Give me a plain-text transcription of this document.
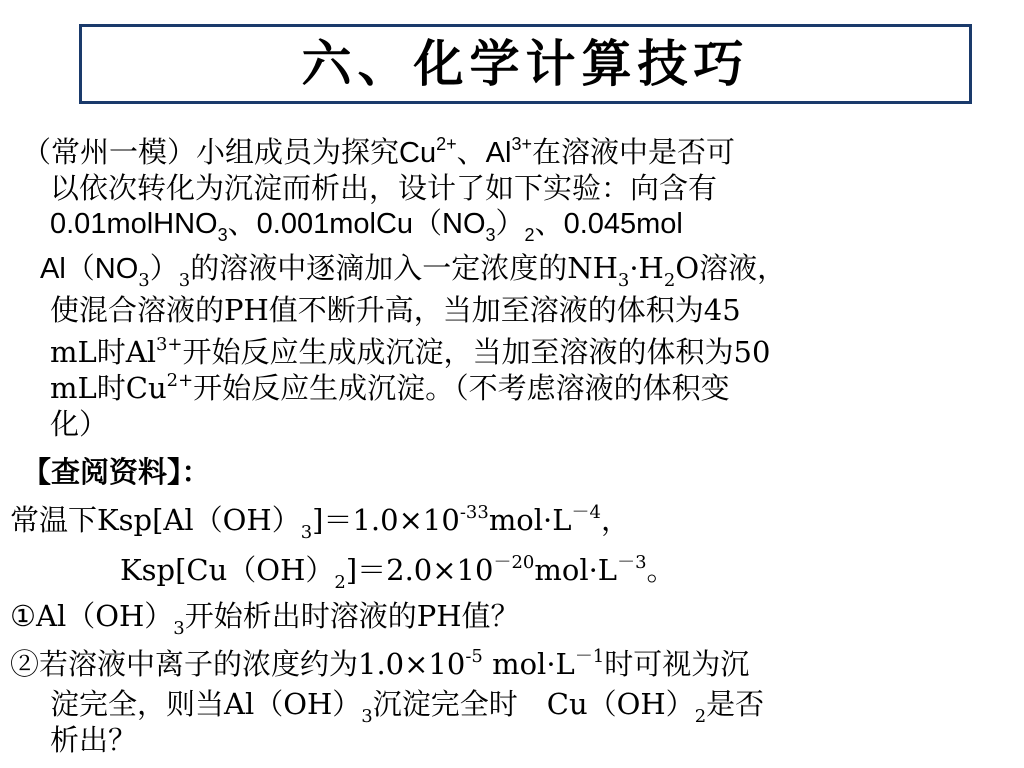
六、化学计算技巧
（常州一模）小组成员为探究$Cu^{2+}$、$Al^{3+}$在溶液中是否可
以依次转化为沉淀而析出，设计了如下实验：向含有
0.01molHNO$_3$、$0.001molCu(NO_3)_2$、0.045mol
$Al(NO_3)_3$的溶液中逐滴加入一定浓度的$NH_3\cdot H_2O$溶液，
使混合溶液的PH值不断升高，当加至溶液的体积为45
mL时$Al^{3+}$开始反应生成成沉淀，当加至溶液的体积为50
mL时$Cu^{2+}$开始反应生成沉淀。（不考虑溶液的体积变
化）
【查阅资料】：
常温下$Ksp[Al(OH)_3]=1.0\times 10^{-33}mol\cdot L^{-4}$，
$Ksp[Cu(OH)_2]=2.0\times 10^{-20}mol\cdot L^{-3}$。
$①Al(OH)_3$开始析出时溶液的PH值？
②若溶液中离子的浓度约为$1.0\times 10^{-5}$ $mol\cdot L^{-1}$时可视为沉
淀完全，则当$Al(OH)_3$沉淀完全时　$Cu(OH)_2$是否
析出？
